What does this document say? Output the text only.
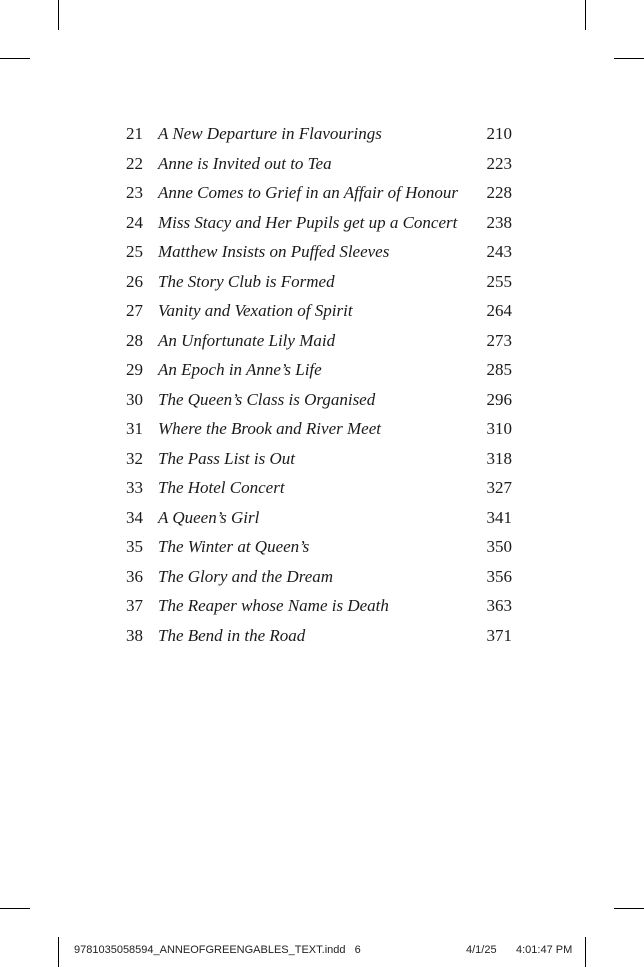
21 A New Departure in Flavourings	210
22 Anne is Invited out to Tea	223
23 Anne Comes to Grief in an Affair of Honour 228
24 Miss Stacy and Her Pupils get up a Concert 238
25 Matthew Insists on Puffed Sleeves	243
26 The Story Club is Formed	255
27 Vanity and Vexation of Spirit	264
28 An Unfortunate Lily Maid	273
29 An Epoch in Anne’s Life	285
30 The Queen’s Class is Organised	296
31 Where the Brook and River Meet	310
32 The Pass List is Out	318
33 The Hotel Concert	327
34 A Queen’s Girl	341
35 The Winter at Queen’s	350
36 The Glory and the Dream	356
37 The Reaper whose Name is Death	363
38 The Bend in the Road	371
9781035058594_ANNEOFGREENGABLES_TEXT.indd   6	4/1/25 4:01:47 PM
